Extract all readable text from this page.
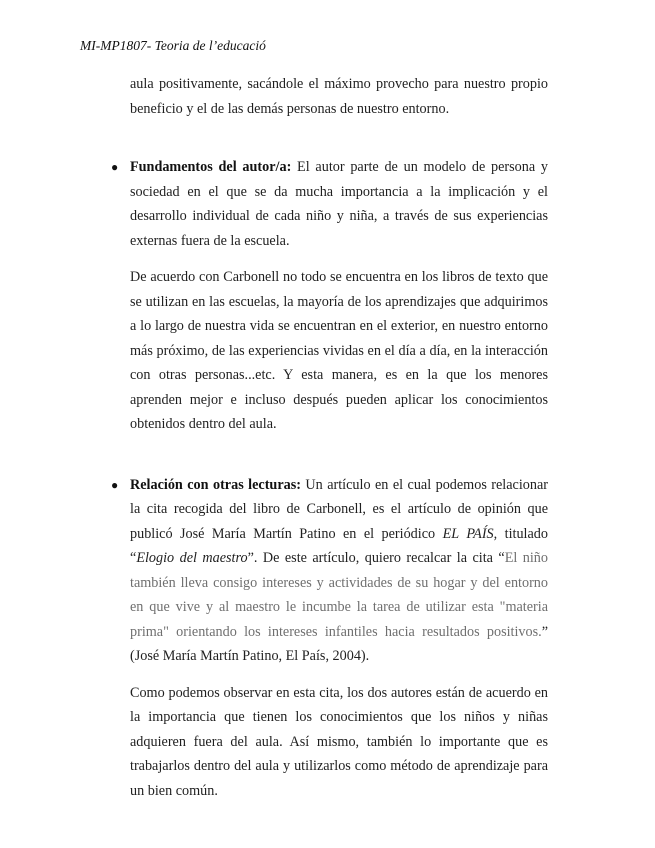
MI-MP1807- Teoria de l’educació

aula positivamente, sacándole el máximo provecho para nuestro propio beneficio y el de las demás personas de nuestro entorno.

● Fundamentos del autor/a: El autor parte de un modelo de persona y sociedad en el que se da mucha importancia a la implicación y el desarrollo individual de cada niño y niña, a través de sus experiencias externas fuera de la escuela.

De acuerdo con Carbonell no todo se encuentra en los libros de texto que se utilizan en las escuelas, la mayoría de los aprendizajes que adquirimos a lo largo de nuestra vida se encuentran en el exterior, en nuestro entorno más próximo, de las experiencias vividas en el día a día, en la interacción con otras personas...etc. Y esta manera, es en la que los menores aprenden mejor e incluso después pueden aplicar los conocimientos obtenidos dentro del aula.

● Relación con otras lecturas: Un artículo en el cual podemos relacionar la cita recogida del libro de Carbonell, es el artículo de opinión que publicó José María Martín Patino en el periódico EL PAÍS, titulado “Elogio del maestro”. De este artículo, quiero recalcar la cita “El niño también lleva consigo intereses y actividades de su hogar y del entorno en que vive y al maestro le incumbe la tarea de utilizar esta "materia prima" orientando los intereses infantiles hacia resultados positivos.” (José María Martín Patino, El País, 2004).

Como podemos observar en esta cita, los dos autores están de acuerdo en la importancia que tienen los conocimientos que los niños y niñas adquieren fuera del aula. Así mismo, también lo importante que es trabajarlos dentro del aula y utilizarlos como método de aprendizaje para un bien común.
